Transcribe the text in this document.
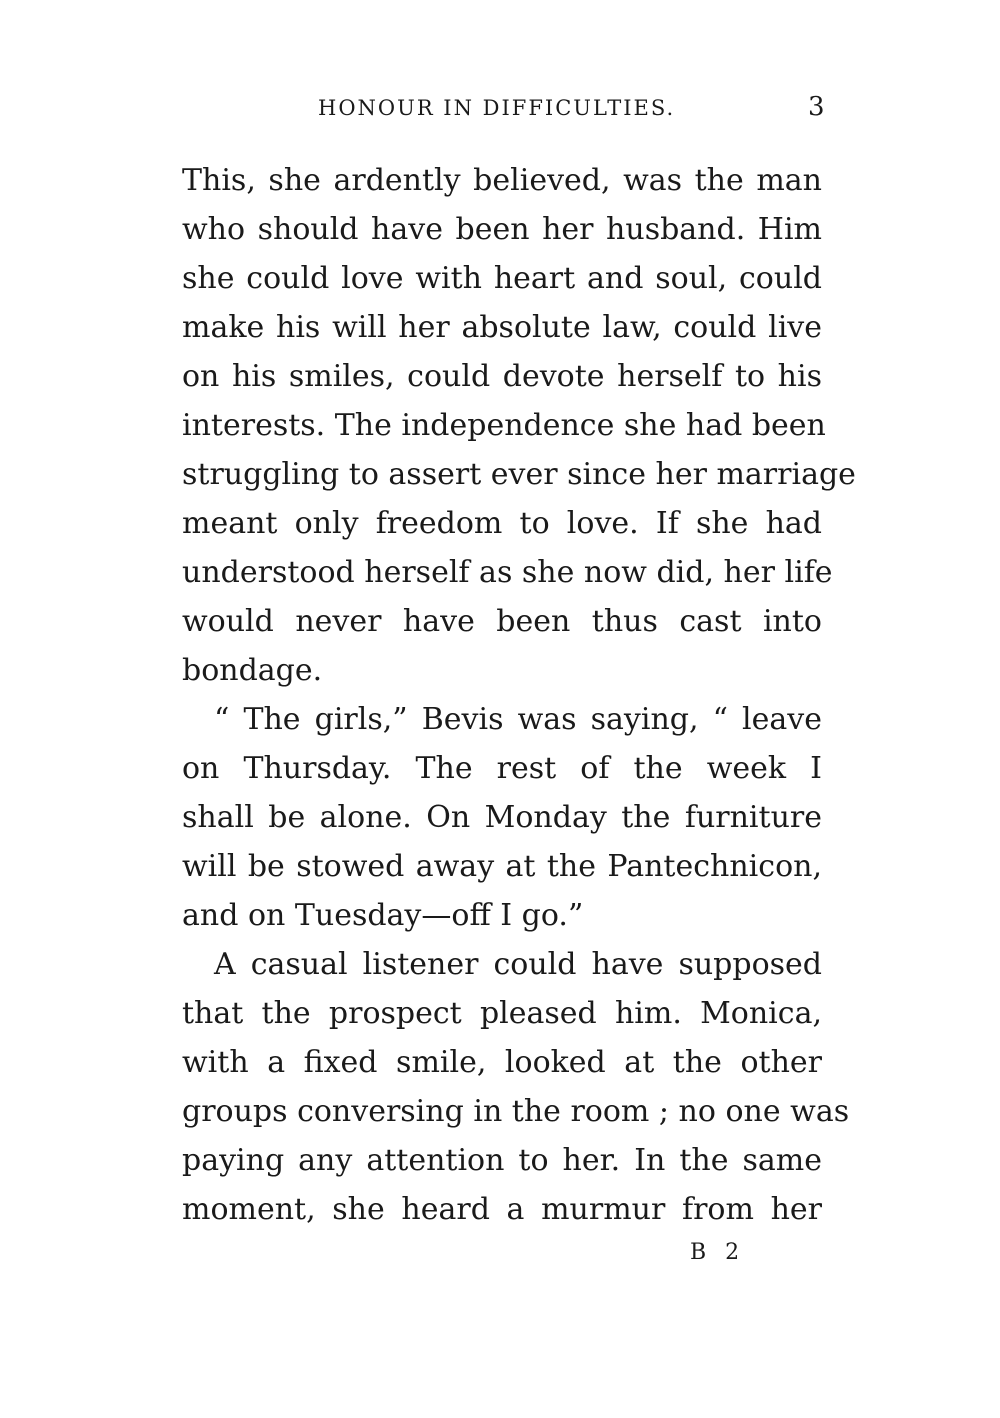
HONOUR IN DIFFICULTIES.	3
This, she ardently believed, was the man
who should have been her husband. Him
she could love with heart and soul, could
make his will her absolute law, could live
on his smiles, could devote herself to his
interests. The independence she had been
struggling to assert ever since her marriage
meant only freedom to love. If she had
understood herself as she now did, her life
would never have been thus cast into
bondage.
“ The girls,” Bevis was saying, “ leave
on Thursday. The rest of the week I
shall be alone. On Monday the furniture
will be stowed away at the Pantechnicon,
and on Tuesday—off I go.”
A casual listener could have supposed
that the prospect pleased him. Monica,
with a fixed smile, looked at the other
groups conversing in the room ; no one was
paying any attention to her. In the same
moment, she heard a murmur from her
B 2
